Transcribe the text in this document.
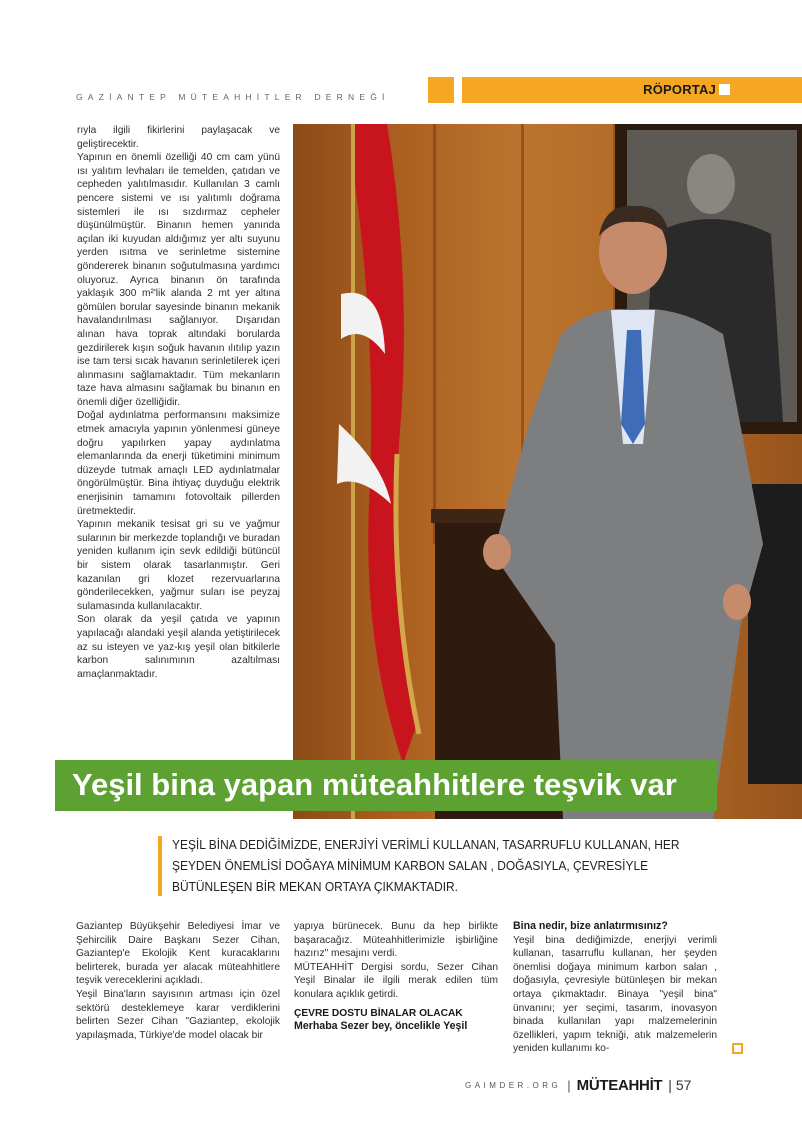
GAZİANTEP MÜTEAHHİTLER DERNEĞİ	RÖPORTAJ

rıyla ilgili fikirlerini paylaşacak ve geliştirecektir.

Yapının en önemli özelliği 40 cm cam yünü ısı yalıtım levhaları ile temelden, çatıdan ve cepheden yalıtılmasıdır. Kullanılan 3 camlı pencere sistemi ve ısı yalıtımlı doğrama sistemleri ile ısı sızdırmaz cepheler düşünülmüştür. Binanın hemen yanında açılan iki kuyudan aldığımız yer altı suyunu yerden ısıtma ve serinletme sistemine göndererek binanın soğutulmasına yardımcı oluyoruz. Ayrıca binanın ön tarafında yaklaşık 300 m²'lik alanda 2 mt yer altına gömülen borular sayesinde binanın mekanik havalandırılması sağlanıyor. Dışarıdan alınan hava toprak altındaki borularda gezdirilerek kışın soğuk havanın ılıtılıp yazın ise tam tersi sıcak havanın serinletilerek içeri alınmasını sağlamaktadır. Tüm mekanların taze hava almasını sağlamak bu binanın en önemli diğer özelliğidir.

Doğal aydınlatma performansını maksimize etmek amacıyla yapının yönlenmesi güneye doğru yapılırken yapay aydınlatma elemanlarında da enerji tüketimini minimum düzeyde tutmak amaçlı LED aydınlatmalar öngörülmüştür. Bina ihtiyaç duyduğu elektrik enerjisinin tamamını fotovoltaik pillerden üretmektedir.

Yapının mekanik tesisat gri su ve yağmur sularının bir merkezde toplandığı ve buradan yeniden kullanım için sevk edildiği bütüncül bir sistem olarak tasarlanmıştır. Geri kazanılan gri klozet rezervuarlarına gönderilecekken, yağmur suları ise peyzaj sulamasında kullanılacaktır.

Son olarak da yeşil çatıda ve yapının yapılacağı alandaki yeşil alanda yetiştirilecek az su isteyen ve yaz-kış yeşil olan bitkilerle karbon salınımının azaltılması amaçlanmaktadır.

Yeşil bina yapan müteahhitlere teşvik var
YEŞİL BİNA DEDİĞİMİZDE, ENERJİYİ VERİMLİ KULLANAN, TASARRUFLU KULLANAN, HER ŞEYDEN ÖNEMLİSİ DOĞAYA MİNİMUM KARBON SALAN , DOĞASIYLA, ÇEVRESİYLE BÜTÜNLEŞEN BİR MEKAN ORTAYA ÇIKMAKTADIR.

Gaziantep Büyükşehir Belediyesi İmar ve Şehircilik Daire Başkanı Sezer Cihan, Gaziantep'e Ekolojik Kent kuracaklarını belirterek, burada yer alacak müteahhitlere teşvik vereceklerini açıkladı.

Yeşil Bina'ların sayısının artması için özel sektörü desteklemeye karar verdiklerini belirten Sezer Cihan "Gaziantep, ekolojik yapılaşmada, Türkiye'de model olacak bir

yapıya bürünecek. Bunu da hep birlikte başaracağız. Müteahhitlerimizle işbirliğine hazırız" mesajını verdi.

MÜTEAHHİT Dergisi sordu, Sezer Cihan Yeşil Binalar ile ilgili merak edilen tüm konulara açıklık getirdi.

ÇEVRE DOSTU BİNALAR OLACAK

Merhaba Sezer bey, öncelikle Yeşil

Bina nedir, bize anlatırmısınız?

Yeşil bina dediğimizde, enerjiyi verimli kullanan, tasarruflu kullanan, her şeyden önemlisi doğaya minimum karbon salan , doğasıyla, çevresiyle bütünleşen bir mekan ortaya çıkmaktadır. Binaya "yeşil bina" ünvanını; yer seçimi, tasarım, inovasyon binada kullanılan yapı malzemelerinin özellikleri, yapım tekniği, atık malzemelerin yeniden kullanımı ko-

GAIMDER.ORG | MÜTEAHHİT | 57
